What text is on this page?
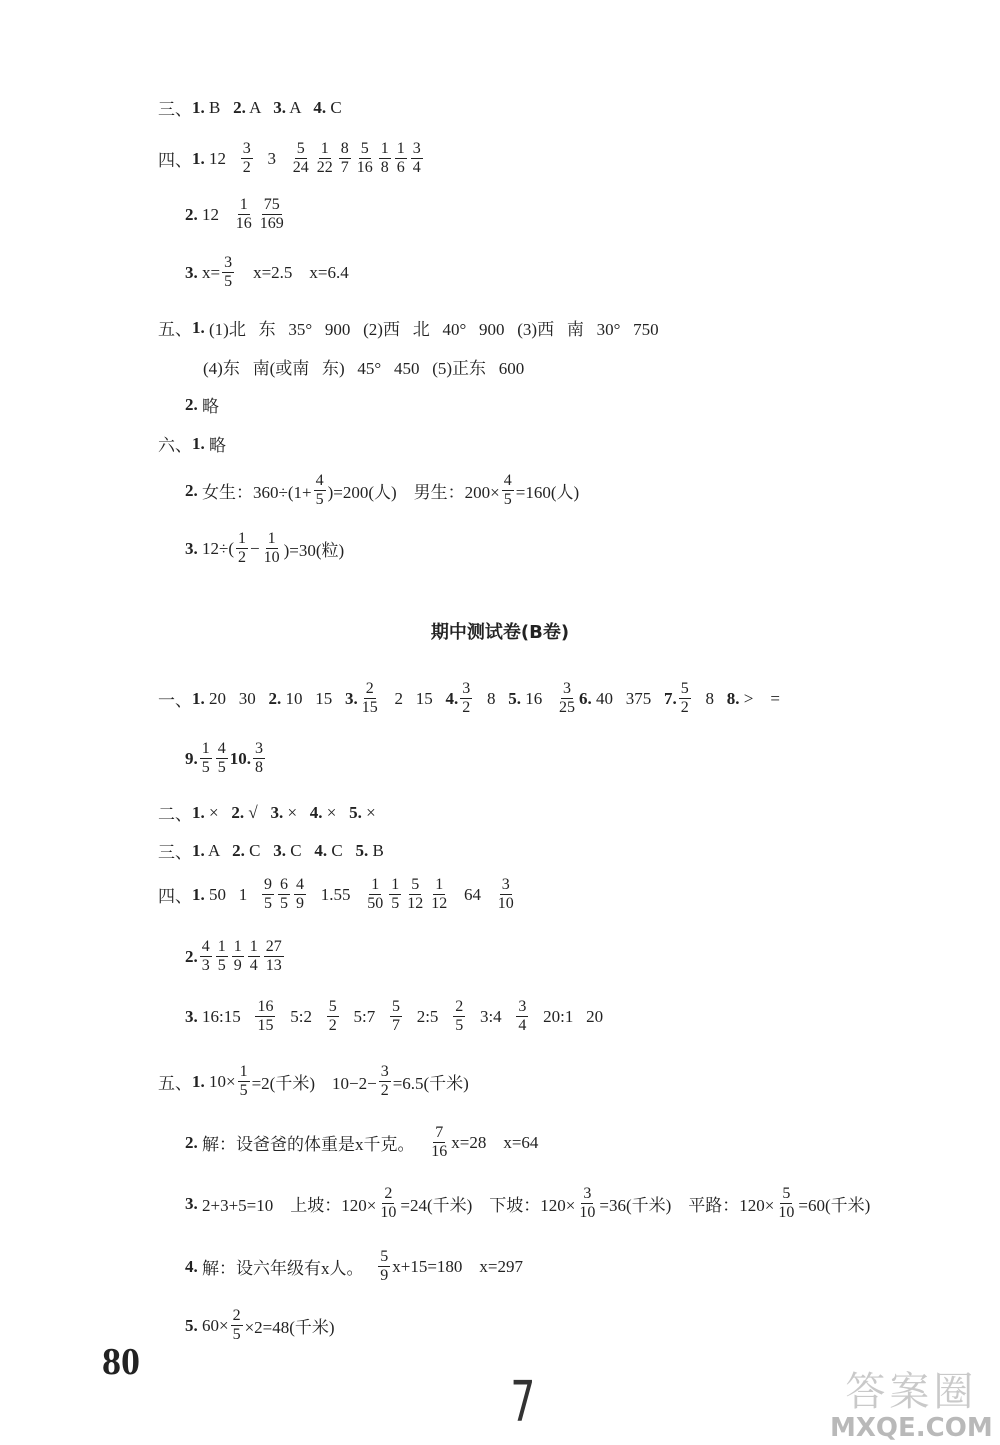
三 、 1. B 2. A 3. A 4. C
四 、 1. $12 \frac{3}{2} 3 \frac{5}{24} \frac{1}{22} \frac{8}{7} \frac{5}{16} \frac{1}{8} \frac{1}{6} \frac{3}{4}$
2. $12 \frac{1}{16} \frac{75}{169}$
3. $x= \frac{3}{5} x=2.5$    x=6.4
五、 1. (1)北   东   35°   900   (2)西   北   40°   900   (3)西   南   30°   750
(4)东   南(或南   东)   45°   450   (5)正东   600
2. 略
六、 1. 略
2. 女生：$360\div(1+ \frac{4}{5} )=200$(人)    男生：$200\times \frac{4}{5} =160$(人)
3. $12\div( \frac{1}{2} - \frac{1}{10} )=30$(粒)
一、 1. 20   30 2. 10   15 3. $\frac{2}{15} 2$   15 4. $\frac{3}{2} 8$ 5. $16 \frac{3}{25} 6$. 40   375 7. $\frac{5}{2} 8$ 8. >    =
9. $\frac{1}{5} \frac{4}{5} 10$. $\frac{3}{8}$
二、 1. × 2. √ 3. × 4. × 5. ×
三、 1. A 2. C 3. C 4. C 5. B
四、 1. 50   $1 \frac{9}{5} \frac{6}{5} \frac{4}{9} 1.55 \frac{1}{50} \frac{1}{5} \frac{5}{12} \frac{1}{12} 64 \frac{3}{10}$
2. $\frac{4}{3} \frac{1}{5} \frac{1}{9} \frac{1}{4} \frac{27}{13}$
3. 16:15 $\frac{16}{15}$ 5:2 $\frac{5}{2}$ 5:7 $\frac{5}{7}$ 2:5 $\frac{2}{5}$ 3:4 $\frac{3}{4}$ 20:1   20
五、 1. $10\times \frac{1}{5} =2$(千米)    $10-2- \frac{3}{2} =6.5$(千米)
2. 解：设爸爸的体重是x千克。 $\frac{7}{16} x=28$    x=64
3. 2+3+5=10    上坡：$120\times \frac{2}{10} =24$(千米)    下坡：$120\times \frac{3}{10} =36$(千米)    平路：$120\times \frac{5}{10} =60$(千米)
4. 解：设六年级有x人。 $\frac{5}{9} x+15=180$    x=297
5. $60\times \frac{2}{5} \times 2=48$(千米)
期中测试卷(B卷)
80
7	答案圈
MXQE.COM
